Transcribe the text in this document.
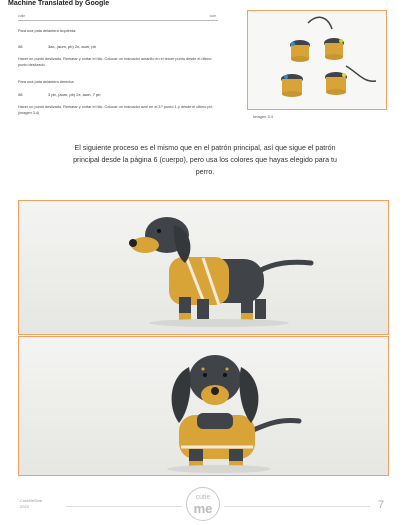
Machine Translated by Google
cutie	cute
Para una pata delantera izquierda:
08	3ac, (aum, pb) 2x, aum, pb
Hacer un punto deslizado. Rematar y cortar el hilo. Colocar un marcador amarillo en el tercer punto desde el último punto deslizado.
Para una pata delantera derecha:
08	3 pb, (aum, pb) 2x, aum, 7 pb
Hacer un punto deslizado. Rematar y cortar el hilo. Colocar un marcador azul en el 3.º punto 1 p desde el último pd. (imagen 3.4)
Imagen 3.4
El siguiente proceso es el mismo que en el patrón principal, así que sigue el patrón principal desde la página 6 (cuerpo), pero usa los colores que hayas elegido para tu perro.
CuteMeSine
2023
cutie
me	7
